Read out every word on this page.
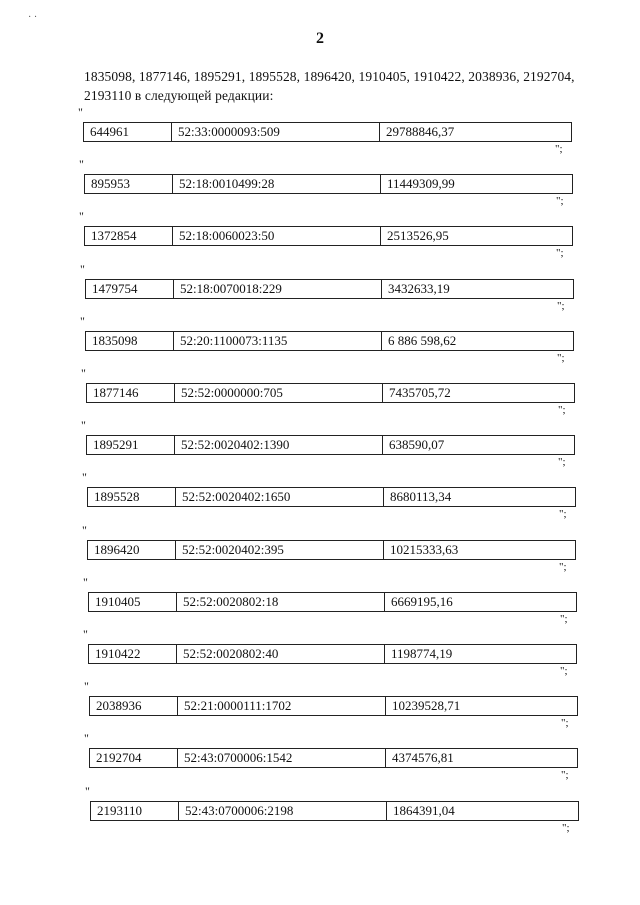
2
1835098, 1877146, 1895291, 1895528, 1896420, 1910405, 1910422, 2038936, 2192704, 2193110 в следующей редакции:
"
644961	52:33:0000093:509	29788846,37
";
"
895953	52:18:0010499:28	11449309,99
";
"
1372854	52:18:0060023:50	2513526,95
";
"
1479754	52:18:0070018:229	3432633,19
";
"
1835098	52:20:1100073:1135	6 886 598,62
";
"
1877146	52:52:0000000:705	7435705,72
";
"
1895291	52:52:0020402:1390	638590,07
";
"
1895528	52:52:0020402:1650	8680113,34
";
"
1896420	52:52:0020402:395	10215333,63
";
"
1910405	52:52:0020802:18	6669195,16
";
"
1910422	52:52:0020802:40	1198774,19
";
"
2038936	52:21:0000111:1702	10239528,71
";
"
2192704	52:43:0700006:1542	4374576,81
";
"
2193110	52:43:0700006:2198	1864391,04
";
· ·
